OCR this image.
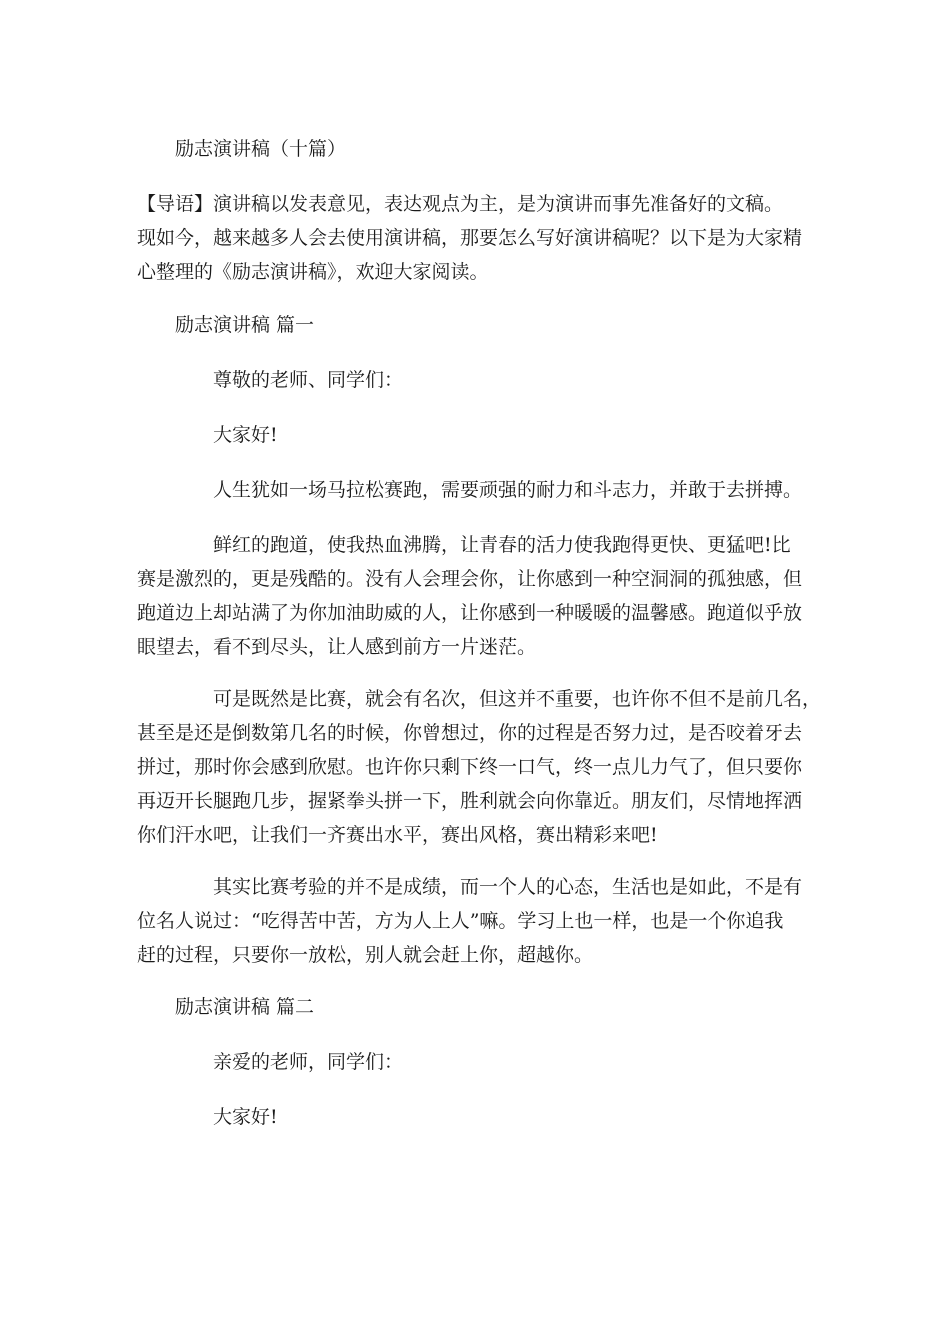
励志演讲稿（十篇）

【导语】演讲稿以发表意见，表达观点为主，是为演讲而事先准备好的文稿。

现如今，越来越多人会去使用演讲稿，那要怎么写好演讲稿呢？以下是为大家精

心整理的《励志演讲稿》，欢迎大家阅读。

励志演讲稿 篇一

尊敬的老师、同学们：

大家好!

人生犹如一场马拉松赛跑，需要顽强的耐力和斗志力，并敢于去拼搏。

鲜红的跑道，使我热血沸腾，让青春的活力使我跑得更快、更猛吧!比

赛是激烈的，更是残酷的。没有人会理会你，让你感到一种空洞洞的孤独感，但

跑道边上却站满了为你加油助威的人，让你感到一种暖暖的温馨感。跑道似乎放

眼望去，看不到尽头，让人感到前方一片迷茫。

可是既然是比赛，就会有名次，但这并不重要，也许你不但不是前几名，

甚至是还是倒数第几名的时候，你曾想过，你的过程是否努力过，是否咬着牙去

拼过，那时你会感到欣慰。也许你只剩下终一口气，终一点儿力气了，但只要你

再迈开长腿跑几步，握紧拳头拼一下，胜利就会向你靠近。朋友们，尽情地挥洒

你们汗水吧，让我们一齐赛出水平，赛出风格，赛出精彩来吧!

其实比赛考验的并不是成绩，而一个人的心态，生活也是如此，不是有

位名人说过：“吃得苦中苦，方为人上人”嘛。学习上也一样，也是一个你追我

赶的过程，只要你一放松，别人就会赶上你，超越你。

励志演讲稿 篇二

亲爱的老师，同学们：

大家好!
